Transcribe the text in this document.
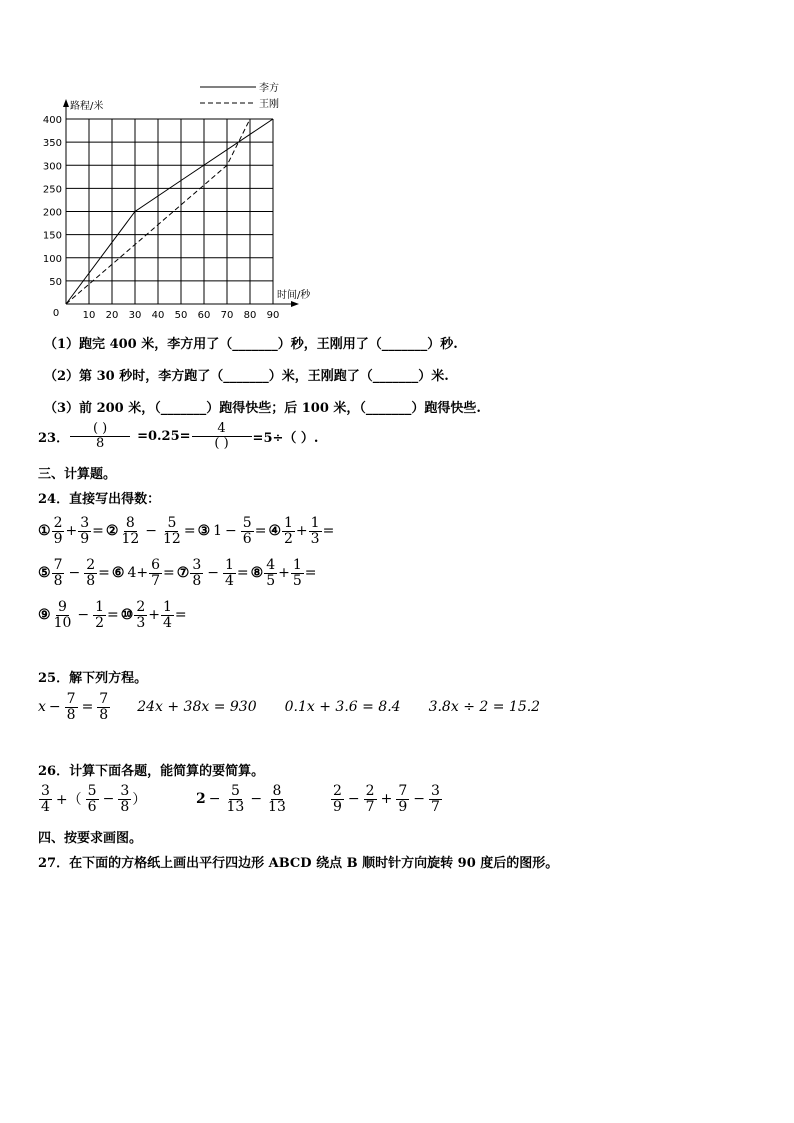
李方
王刚
10 20 30 40 50 60 70 80 90
50
100
150
200
250
300
350
400
0
时间/秒
路程/米
（1）跑完 400 米，李方用了（_______）秒，王刚用了（_______）秒.
（2）第 30 秒时，李方跑了（_______）米，王刚跑了（_______）米.
（3）前 200 米，（_______）跑得快些；后 100 米，（_______）跑得快些.
23． $\frac{( )}{8} =0.25= \frac{4}{( )} =5\div$（ ）.
三、计算题。
24．直接写出得数：
① $\frac{2}{9} + \frac{3}{9}$ = ② $\frac{8}{12} - \frac{5}{12}$ = ③ $1 - \frac{5}{6}$ = ④ $\frac{1}{2} + \frac{1}{3}$ =
⑤ $\frac{7}{8} - \frac{2}{8}$ = ⑥ $4 + \frac{6}{7}$ = ⑦ $\frac{3}{8} - \frac{1}{4}$ = ⑧ $\frac{4}{5} + \frac{1}{5}$ =
⑨ $\frac{9}{10} - \frac{1}{2}$ = ⑩ $\frac{2}{3} + \frac{1}{4}$ =
25．解下列方程。
$x - \frac{7}{8} = \frac{7}{8} 24x + 38x = 930$ 0.1x + 3.6 = 8.4 3.8x ÷ 2 = 15.2
26．计算下面各题，能简算的要简算。
$\frac{3}{4}$ +（ $\frac{5}{6} - \frac{3}{8}$ ）	$2 - \frac{5}{13} - \frac{8}{13}$	$\frac{2}{9} - \frac{2}{7} + \frac{7}{9} - \frac{3}{7}$
四、按要求画图。
27．在下面的方格纸上画出平行四边形 ABCD 绕点 B 顺时针方向旋转 90 度后的图形。
